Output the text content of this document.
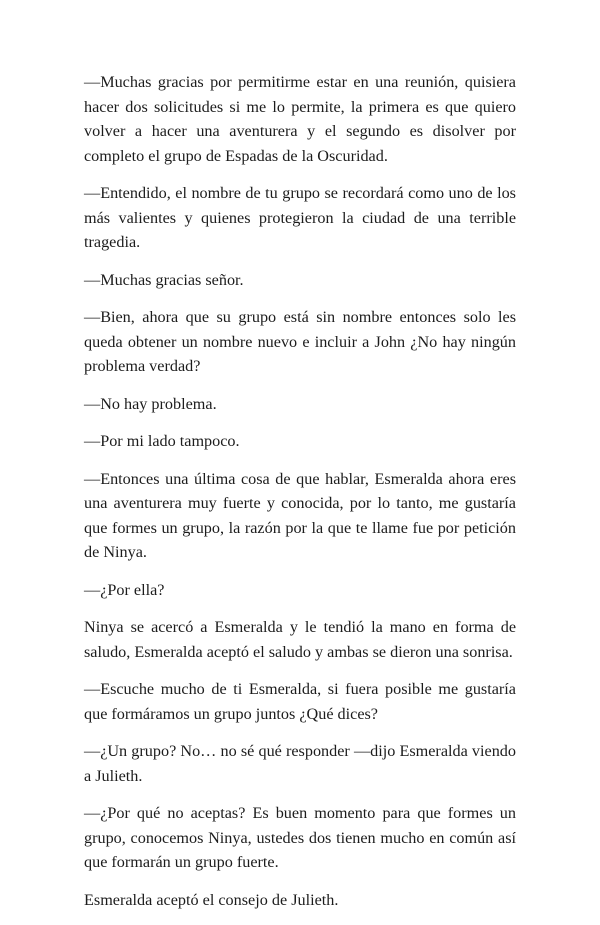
—Muchas gracias por permitirme estar en una reunión, quisiera hacer dos solicitudes si me lo permite, la primera es que quiero volver a hacer una aventurera y el segundo es disolver por completo el grupo de Espadas de la Oscuridad.

—Entendido, el nombre de tu grupo se recordará como uno de los más valientes y quienes protegieron la ciudad de una terrible tragedia.

—Muchas gracias señor.

—Bien, ahora que su grupo está sin nombre entonces solo les queda obtener un nombre nuevo e incluir a John ¿No hay ningún problema verdad?

—No hay problema.

—Por mi lado tampoco.

—Entonces una última cosa de que hablar, Esmeralda ahora eres una aventurera muy fuerte y conocida, por lo tanto, me gustaría que formes un grupo, la razón por la que te llame fue por petición de Ninya.

—¿Por ella?

Ninya se acercó a Esmeralda y le tendió la mano en forma de saludo, Esmeralda aceptó el saludo y ambas se dieron una sonrisa.

—Escuche mucho de ti Esmeralda, si fuera posible me gustaría que formáramos un grupo juntos ¿Qué dices?

—¿Un grupo? No… no sé qué responder —dijo Esmeralda viendo a Julieth.

—¿Por qué no aceptas? Es buen momento para que formes un grupo, conocemos Ninya, ustedes dos tienen mucho en común así que formarán un grupo fuerte.

Esmeralda aceptó el consejo de Julieth.
